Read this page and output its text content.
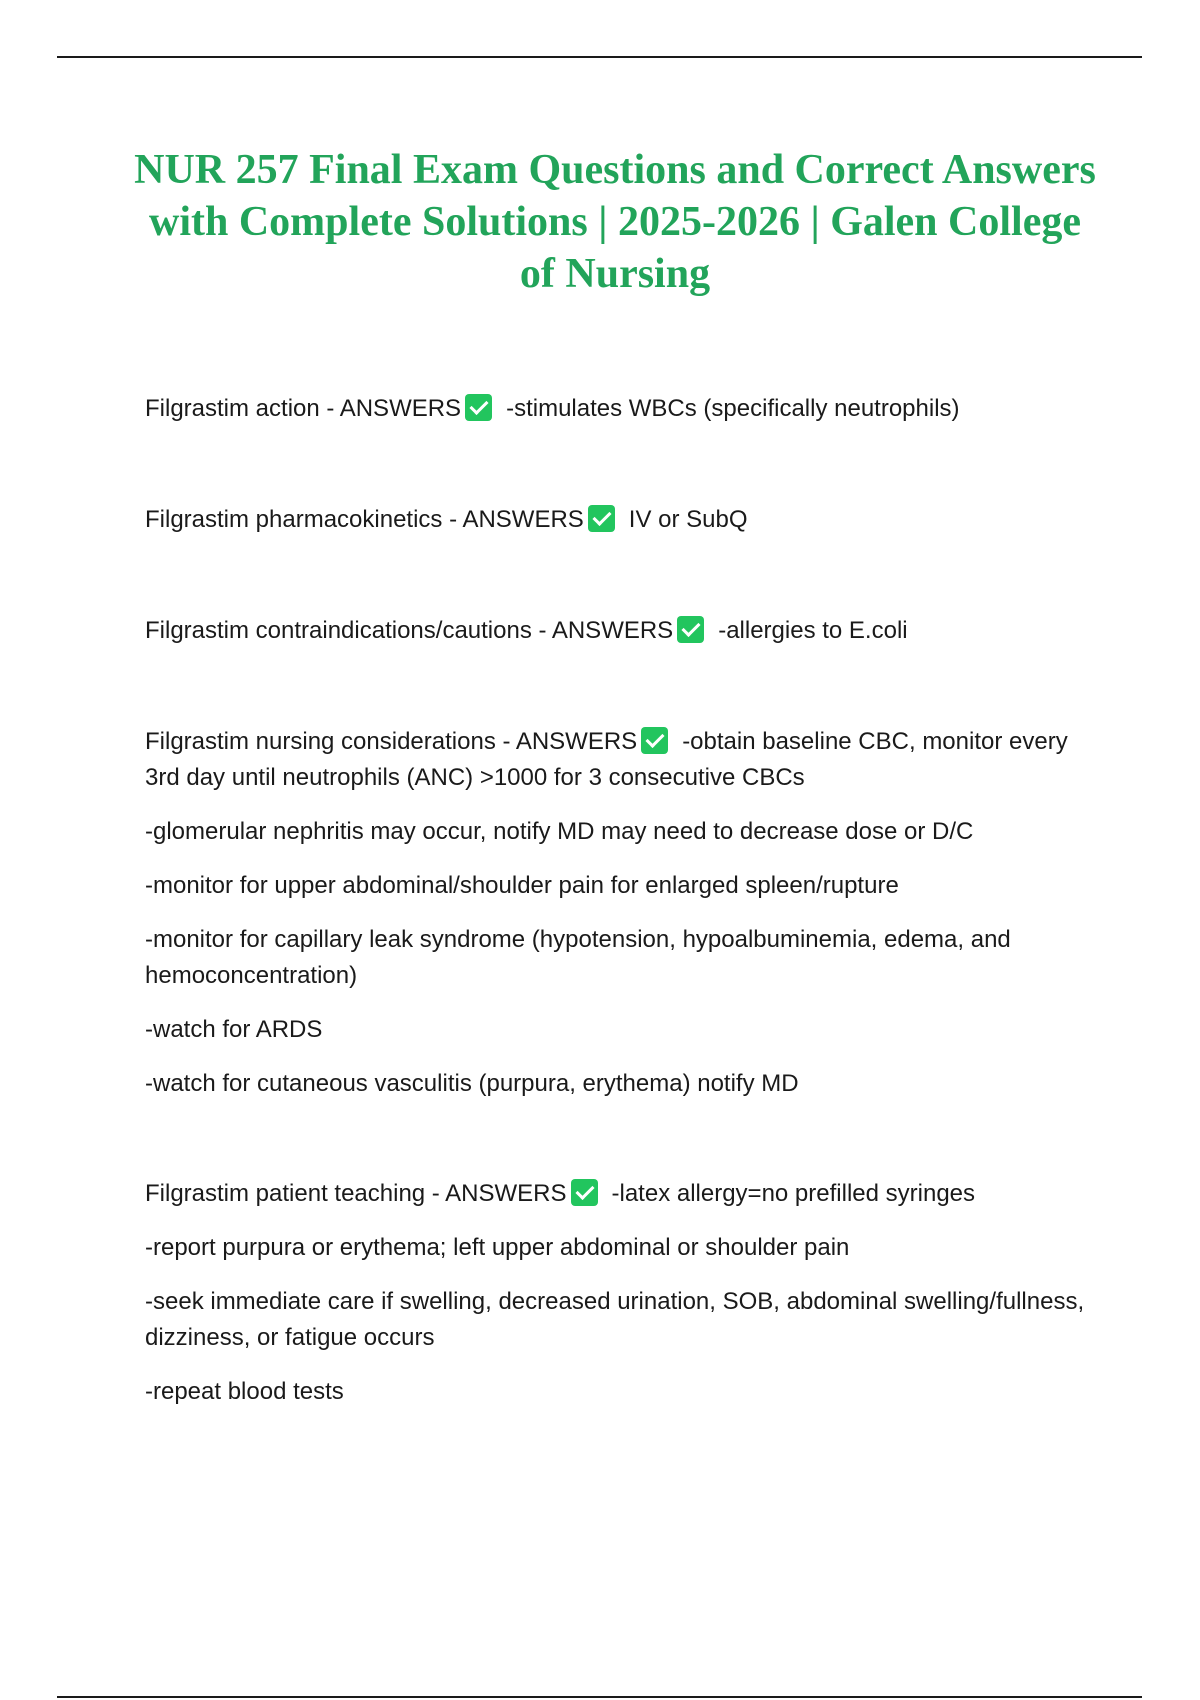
NUR 257 Final Exam Questions and Correct Answers with Complete Solutions | 2025-2026 | Galen College of Nursing

Filgrastim action - ANSWERS -stimulates WBCs (specifically neutrophils)

Filgrastim pharmacokinetics - ANSWERS IV or SubQ

Filgrastim contraindications/cautions - ANSWERS -allergies to E.coli

Filgrastim nursing considerations - ANSWERS -obtain baseline CBC, monitor every 3rd day until neutrophils (ANC) >1000 for 3 consecutive CBCs

-glomerular nephritis may occur, notify MD may need to decrease dose or D/C

-monitor for upper abdominal/shoulder pain for enlarged spleen/rupture

-monitor for capillary leak syndrome (hypotension, hypoalbuminemia, edema, and hemoconcentration)

-watch for ARDS

-watch for cutaneous vasculitis (purpura, erythema) notify MD

Filgrastim patient teaching - ANSWERS -latex allergy=no prefilled syringes

-report purpura or erythema; left upper abdominal or shoulder pain

-seek immediate care if swelling, decreased urination, SOB, abdominal swelling/fullness, dizziness, or fatigue occurs

-repeat blood tests
